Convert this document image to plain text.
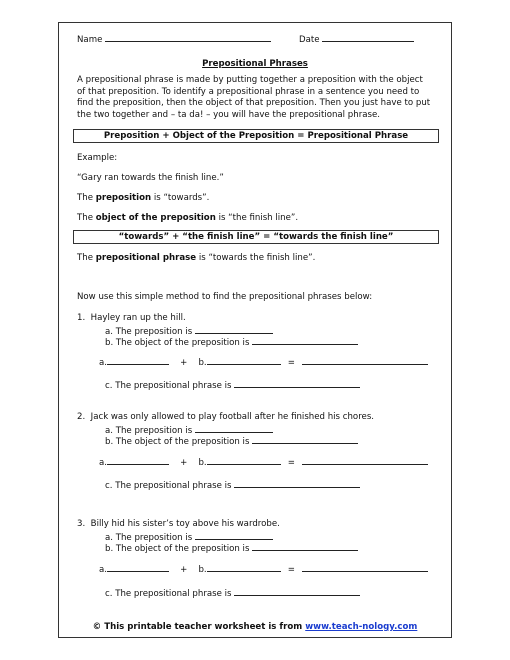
Name	Date
Prepositional Phrases
A prepositional phrase is made by putting together a preposition with the object of that preposition. To identify a prepositional phrase in a sentence you need to find the preposition, then the object of that preposition. Then you just have to put the two together and – ta da! – you will have the prepositional phrase.
Preposition + Object of the Preposition = Prepositional Phrase
Example:
“Gary ran towards the finish line.”
The preposition is “towards”.
The object of the preposition is “the finish line”.
“towards” + “the finish line” = “towards the finish line”
The prepositional phrase is “towards the finish line”.
Now use this simple method to find the prepositional phrases below:
1. Hayley ran up the hill.
a. The preposition is
b. The object of the preposition is
a.	+ b.	=
c. The prepositional phrase is
2. Jack was only allowed to play football after he finished his chores.
a. The preposition is
b. The object of the preposition is
a.	+ b.	=
c. The prepositional phrase is
3. Billy hid his sister’s toy above his wardrobe.
a. The preposition is
b. The object of the preposition is
a.	+ b.	=
c. The prepositional phrase is
© This printable teacher worksheet is from www.teach-nology.com
